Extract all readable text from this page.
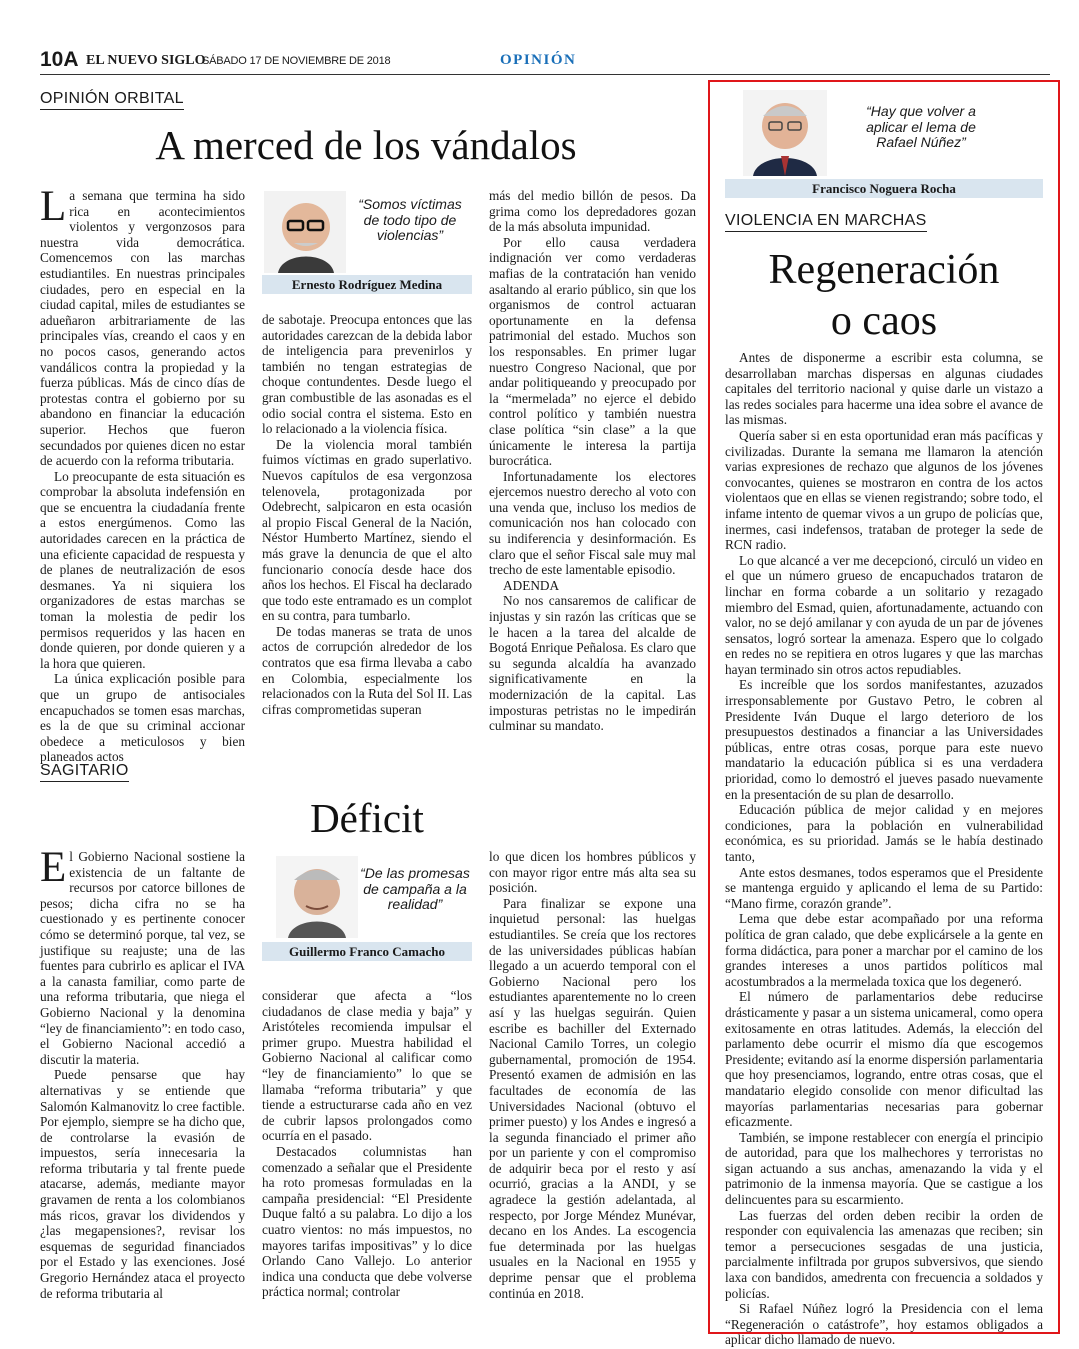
10A EL NUEVO SIGLO
SÁBADO 17 DE NOVIEMBRE DE 2018	OPINIÓN
OPINIÓN ORBITAL
A merced de los vándalos

La semana que termina ha sido rica en acontecimientos violentos y vergonzosos para nuestra vida democrática. Comencemos con las marchas estudiantiles. En nuestras principales ciudades, pero en especial en la ciudad capital, miles de estudiantes se adueñaron arbitrariamente de las principales vías, creando el caos y en no pocos casos, generando actos vandálicos contra la propiedad y la fuerza públicas. Más de cinco días de protestas contra el gobierno por su abandono en financiar la educación superior. Hechos que fueron secundados por quienes dicen no estar de acuerdo con la reforma tributaria.

Lo preocupante de esta situación es comprobar la absoluta indefensión en que se encuentra la ciudadanía frente a estos energúmenos. Como las autoridades carecen en la práctica de una eficiente capacidad de respuesta y de planes de neutralización de esos desmanes. Ya ni siquiera los organizadores de estas marchas se toman la molestia de pedir los permisos requeridos y las hacen en donde quieren, por donde quieren y a la hora que quieren.

La única explicación posible para que un grupo de antisociales encapuchados se tomen esas marchas, es la de que su criminal accionar obedece a meticulosos y bien planeados actos

“Somos víctimas de todo tipo de violencias”
Ernesto Rodríguez Medina

de sabotaje. Preocupa entonces que las autoridades carezcan de la debida labor de inteligencia para prevenirlos y también no tengan estrategias de choque contundentes. Desde luego el gran combustible de las asonadas es el odio social contra el sistema. Esto en lo relacionado a la violencia física.

De la violencia moral también fuimos víctimas en grado superlativo. Nuevos capítulos de esa vergonzosa telenovela, protagonizada por Odebrecht, salpicaron en esta ocasión al propio Fiscal General de la Nación, Néstor Humberto Martínez, siendo el más grave la denuncia de que el alto funcionario conocía desde hace dos años los hechos. El Fiscal ha declarado que todo este entramado es un complot en su contra, para tumbarlo.

De todas maneras se trata de unos actos de corrupción alrededor de los contratos que esa firma llevaba a cabo en Colombia, especialmente los relacionados con la Ruta del Sol II. Las cifras comprometidas superan

más del medio billón de pesos. Da grima como los depredadores gozan de la más absoluta impunidad.

Por ello causa verdadera indignación ver como verdaderas mafias de la contratación han venido asaltando al erario público, sin que los organismos de control actuaran oportunamente en la defensa patrimonial del estado. Muchos son los responsables. En primer lugar nuestro Congreso Nacional, que por andar politiqueando y preocupado por la “mermelada” no ejerce el debido control político y también nuestra clase política “sin clase” a la que únicamente le interesa la partija burocrática.

Infortunadamente los electores ejercemos nuestro derecho al voto con una venda que, incluso los medios de comunicación nos han colocado con su indiferencia y desinformación. Es claro que el señor Fiscal sale muy mal trecho de este lamentable episodio.

ADENDA

No nos cansaremos de calificar de injustas y sin razón las críticas que se le hacen a la tarea del alcalde de Bogotá Enrique Peñalosa. Es claro que su segunda alcaldía ha avanzado significativamente en la modernización de la capital. Las imposturas petristas no le impedirán culminar su mandato.

SAGITARIO
Déficit

El Gobierno Nacional sostiene la existencia de un faltante de recursos por catorce billones de pesos; dicha cifra no se ha cuestionado y es pertinente conocer cómo se determinó porque, tal vez, se justifique su reajuste; una de las fuentes para cubrirlo es aplicar el IVA a la canasta familiar, como parte de una reforma tributaria, que niega el Gobierno Nacional y la denomina “ley de financiamiento”: en todo caso, el Gobierno Nacional accedió a discutir la materia.

Puede pensarse que hay alternativas y se entiende que Salomón Kalmanovitz lo cree factible. Por ejemplo, siempre se ha dicho que, de controlarse la evasión de impuestos, sería innecesaria la reforma tributaria y tal frente puede atacarse, además, mediante mayor gravamen de renta a los colombianos más ricos, gravar los dividendos y ¿las megapensiones?, revisar los esquemas de seguridad financiados por el Estado y las exenciones. José Gregorio Hernández ataca el proyecto de reforma tributaria al

“De las promesas de campaña a la realidad”
Guillermo Franco Camacho

considerar que afecta a “los ciudadanos de clase media y baja” y Aristóteles recomienda impulsar el primer grupo. Muestra habilidad el Gobierno Nacional al calificar como “ley de financiamiento” lo que se llamaba “reforma tributaria” y que tiende a estructurarse cada año en vez de cubrir lapsos prolongados como ocurría en el pasado.

Destacados columnistas han comenzado a señalar que el Presidente ha roto promesas formuladas en la campaña presidencial: “El Presidente Duque faltó a su palabra. Lo dijo a los cuatro vientos: no más impuestos, no mayores tarifas impositivas” y lo dice Orlando Cano Vallejo. Lo anterior indica una conducta que debe volverse práctica normal; controlar

lo que dicen los hombres públicos y con mayor rigor entre más alta sea su posición.

Para finalizar se expone una inquietud personal: las huelgas estudiantiles. Se creía que los rectores de las universidades públicas habían llegado a un acuerdo temporal con el Gobierno Nacional pero los estudiantes aparentemente no lo creen así y las huelgas seguirán. Quien escribe es bachiller del Externado Nacional Camilo Torres, un colegio gubernamental, promoción de 1954. Presentó examen de admisión en las facultades de economía de las Universidades Nacional (obtuvo el primer puesto) y los Andes e ingresó a la segunda financiado el primer año por un pariente y con el compromiso de adquirir beca por el resto y así ocurrió, gracias a la ANDI, y se agradece la gestión adelantada, al respecto, por Jorge Méndez Munévar, decano en los Andes. La escogencia fue determinada por las huelgas usuales en la Nacional en 1955 y deprime pensar que el problema continúa en 2018.

“Hay que volver a aplicar el lema de Rafael Núñez”
Francisco Noguera Rocha
VIOLENCIA EN MARCHAS
Regeneración
o caos

Antes de disponerme a escribir esta columna, se desarrollaban marchas dispersas en algunas ciudades capitales del territorio nacional y quise darle un vistazo a las redes sociales para hacerme una idea sobre el avance de las mismas.

Quería saber si en esta oportunidad eran más pacíficas y civilizadas. Durante la semana me llamaron la atención varias expresiones de rechazo que algunos de los jóvenes convocantes, quienes se mostraron en contra de los actos violentaos que en ellas se vienen registrando; sobre todo, el infame intento de quemar vivos a un grupo de policías que, inermes, casi indefensos, trataban de proteger la sede de RCN radio.

Lo que alcancé a ver me decepcionó, circuló un video en el que un número grueso de encapuchados trataron de linchar en forma cobarde a un solitario y rezagado miembro del Esmad, quien, afortunadamente, actuando con valor, no se dejó amilanar y con ayuda de un par de jóvenes sensatos, logró sortear la amenaza. Espero que lo colgado en redes no se repitiera en otros lugares y que las marchas hayan terminado sin otros actos repudiables.

Es increíble que los sordos manifestantes, azuzados irresponsablemente por Gustavo Petro, le cobren al Presidente Iván Duque el largo deterioro de los presupuestos destinados a financiar a las Universidades públicas, entre otras cosas, porque para este nuevo mandatario la educación pública si es una verdadera prioridad, como lo demostró el jueves pasado nuevamente en la presentación de su plan de desarrollo.

Educación pública de mejor calidad y en mejores condiciones, para la población en vulnerabilidad económica, es su prioridad. Jamás se le había destinado tanto,

Ante estos desmanes, todos esperamos que el Presidente se mantenga erguido y aplicando el lema de su Partido: “Mano firme, corazón grande”.

Lema que debe estar acompañado por una reforma política de gran calado, que debe explicársele a la gente en forma didáctica, para poner a marchar por el camino de los grandes intereses a unos partidos políticos mal acostumbrados a la mermelada toxica que los degeneró.

El número de parlamentarios debe reducirse drásticamente y pasar a un sistema unicameral, como opera exitosamente en otras latitudes. Además, la elección del parlamento debe ocurrir el mismo día que escogemos Presidente; evitando así la enorme dispersión parlamentaria que hoy presenciamos, logrando, entre otras cosas, que el mandatario elegido consolide con menor dificultad las mayorías parlamentarias necesarias para gobernar eficazmente.

También, se impone restablecer con energía el principio de autoridad, para que los malhechores y terroristas no sigan actuando a sus anchas, amenazando la vida y el patrimonio de la inmensa mayoría. Que se castigue a los delincuentes para su escarmiento.

Las fuerzas del orden deben recibir la orden de responder con equivalencia las amenazas que reciben; sin temor a persecuciones sesgadas de una justicia, parcialmente infiltrada por grupos subversivos, que siendo laxa con bandidos, amedrenta con frecuencia a soldados y policías.

Si Rafael Núñez logró la Presidencia con el lema “Regeneración o catástrofe”, hoy estamos obligados a aplicar dicho llamado de nuevo.
